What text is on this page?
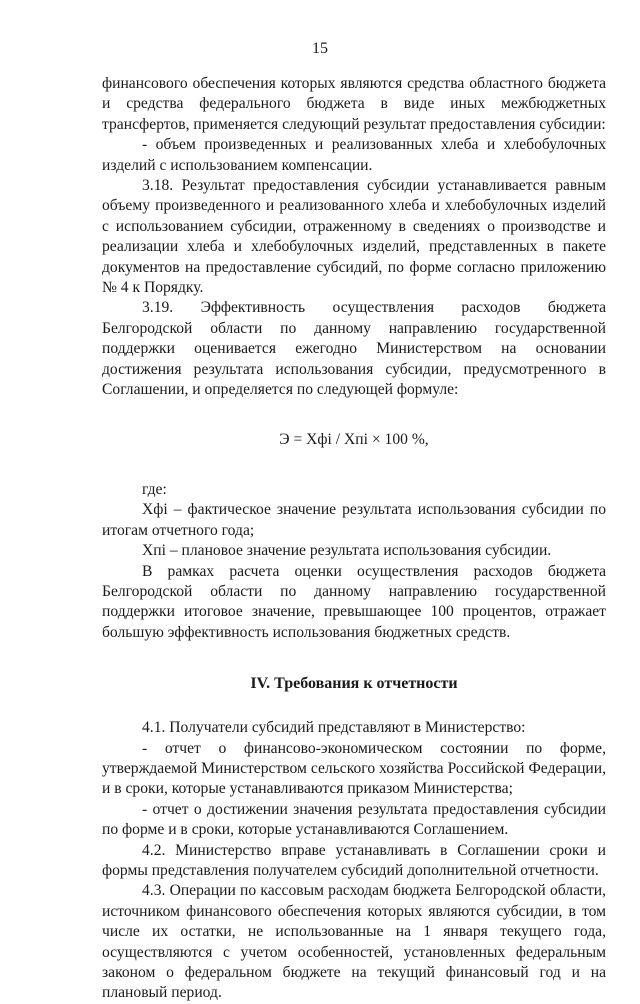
15

финансового обеспечения которых являются средства областного бюджета и средства федерального бюджета в виде иных межбюджетных трансфертов, применяется следующий результат предоставления субсидии:

- объем произведенных и реализованных хлеба и хлебобулочных изделий с использованием компенсации.

3.18. Результат предоставления субсидии устанавливается равным объему произведенного и реализованного хлеба и хлебобулочных изделий с использованием субсидии, отраженному в сведениях о производстве и реализации хлеба и хлебобулочных изделий, представленных в пакете документов на предоставление субсидий, по форме согласно приложению № 4 к Порядку.

3.19. Эффективность осуществления расходов бюджета Белгородской области по данному направлению государственной поддержки оценивается ежегодно Министерством на основании достижения результата использования субсидии, предусмотренного в Соглашении, и определяется по следующей формуле:

Э = Хфi / Хпi × 100 %,

где:

Хфi – фактическое значение результата использования субсидии по итогам отчетного года;

Хпi – плановое значение результата использования субсидии.

В рамках расчета оценки осуществления расходов бюджета Белгородской области по данному направлению государственной поддержки итоговое значение, превышающее 100 процентов, отражает большую эффективность использования бюджетных средств.

IV. Требования к отчетности

4.1. Получатели субсидий представляют в Министерство:

- отчет о финансово-экономическом состоянии по форме, утверждаемой Министерством сельского хозяйства Российской Федерации, и в сроки, которые устанавливаются приказом Министерства;

- отчет о достижении значения результата предоставления субсидии по форме и в сроки, которые устанавливаются Соглашением.

4.2. Министерство вправе устанавливать в Соглашении сроки и формы представления получателем субсидий дополнительной отчетности.

4.3. Операции по кассовым расходам бюджета Белгородской области, источником финансового обеспечения которых являются субсидии, в том числе их остатки, не использованные на 1 января текущего года, осуществляются с учетом особенностей, установленных федеральным законом о федеральном бюджете на текущий финансовый год и на плановый период.
